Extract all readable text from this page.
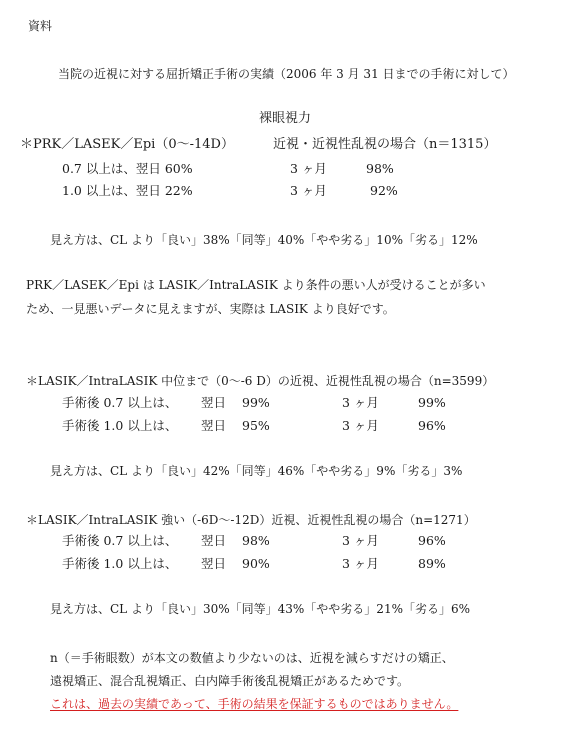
資料
当院の近視に対する屈折矯正手術の実績（2006 年 3 月 31 日までの手術に対して）
裸眼視力
＊PRK／LASEK／Epi（0〜-14D）	近視・近視性乱視の場合（n＝1315）
0.7 以上は、翌日 60%	3 ヶ月	98%
1.0 以上は、翌日 22%	3 ヶ月	92%
見え方は、CL より「良い」38%「同等」40%「やや劣る」10%「劣る」12%
PRK／LASEK／Epi は LASIK／IntraLASIK より条件の悪い人が受けることが多い
ため、一見悪いデータに見えますが、実際は LASIK より良好です。
＊LASIK／IntraLASIK 中位まで（0〜-6 D）の近視、近視性乱視の場合（n=3599）
手術後 0.7 以上は、 翌日 99%	3 ヶ月	99%
手術後 1.0 以上は、 翌日 95%	3 ヶ月	96%
見え方は、CL より「良い」42%「同等」46%「やや劣る」9%「劣る」3%
＊LASIK／IntraLASIK 強い（-6D〜-12D）近視、近視性乱視の場合（n=1271）
手術後 0.7 以上は、 翌日 98%	3 ヶ月	96%
手術後 1.0 以上は、 翌日 90%	3 ヶ月	89%
見え方は、CL より「良い」30%「同等」43%「やや劣る」21%「劣る」6%
n（＝手術眼数）が本文の数値より少ないのは、近視を減らすだけの矯正、
遠視矯正、混合乱視矯正、白内障手術後乱視矯正があるためです。
これは、過去の実績であって、手術の結果を保証するものではありません。
